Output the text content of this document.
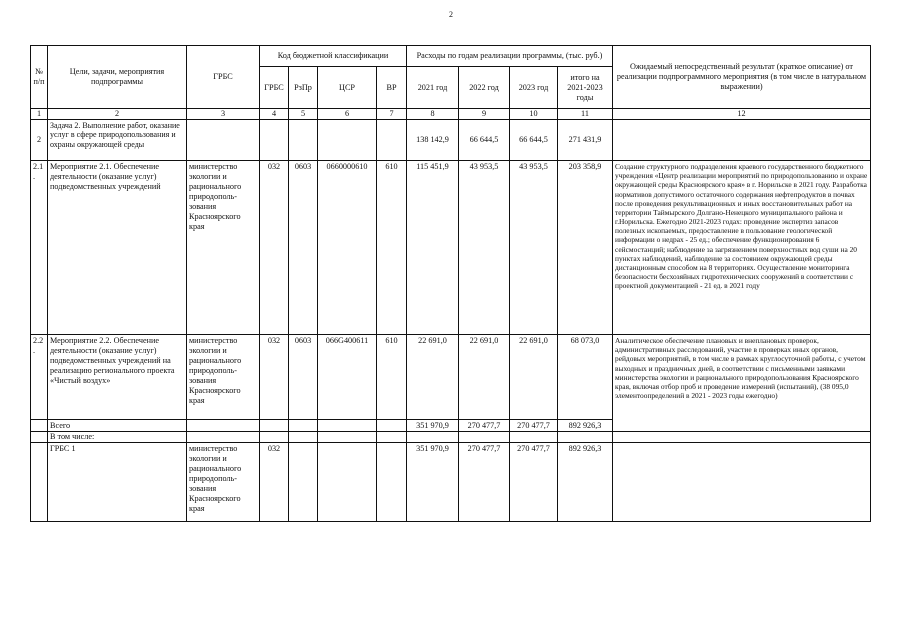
2
№ п/п	Цели, задачи, мероприятия подпрограммы	ГРБС	Код бюджетной классификации				Расходы по годам реализации программы, (тыс. руб.)				Ожидаемый непосредственный результат (краткое описание) от реализации подпрограммного мероприятия (в том числе в натуральном выражении)
			ГРБС	РзПр	ЦСР	ВР	2021 год	2022 год	2023 год	итого на 2021-2023 годы	
1	2	3	4	5	6	7	8	9	10	11	12
2	Задача 2. Выполнение работ, оказание услуг в сфере природопользования и охраны окружающей среды						138 142,9	66 644,5	66 644,5	271 431,9	
2.1.	Мероприятие 2.1. Обеспечение деятельности (оказание услуг) подведомственных учреждений	министерство экологии и рационального природополь-зования Красноярского края	032	0603	0660000610	610	115 451,9	43 953,5	43 953,5	203 358,9	Создание структурного подразделения краевого государственного бюджетного учреждения «Центр реализации мероприятий по природопользованию и охране окружающей среды Красноярского края» в г. Норильске в 2021 году. Разработка нормативов допустимого остаточного содержания нефтепродуктов в почвах после проведения рекультивационных и иных восстановительных работ на территории Таймырского Долгано-Ненецкого муниципального района и г.Норильска. Ежегодно 2021-2023 годах: проведение экспертиз запасов полезных ископаемых, предоставление в пользование геологической информации о недрах - 25 ед.; обеспечение функционирования 6 сейсмостанций; наблюдение за загрязнением поверхностных вод суши на 20 пунктах наблюдений, наблюдение за состоянием окружающей среды дистанционным способом на 8 территориях. Осуществление мониторинга безопасности бесхозяйных гидротехнических сооружений в соответствии с проектной документацией - 21 ед. в 2021 году
2.2.	Мероприятие 2.2. Обеспечение деятельности (оказание услуг) подведомственных учреждений на реализацию регионального проекта «Чистый воздух»	министерство экологии и рационального природополь-зования Красноярского края	032	0603	066G400611	610	22 691,0	22 691,0	22 691,0	68 073,0	Аналитическое обеспечение плановых и внеплановых проверок, административных расследований, участие в проверках иных органов, рейдовых мероприятий, в том числе в рамках круглосуточной работы, с учетом выходных и праздничных дней, в соответствии с письменными заявками министерства экологии и рационального природопользования Красноярского края, включая отбор проб и проведение измерений (испытаний), (38 095,0 элементоопределений в 2021 - 2023 годы ежегодно)
	Всего						351 970,9	270 477,7	270 477,7	892 926,3	
	В том числе:										
	ГРБС 1	министерство экологии и рационального природополь-зования Красноярского края	032				351 970,9	270 477,7	270 477,7	892 926,3	
